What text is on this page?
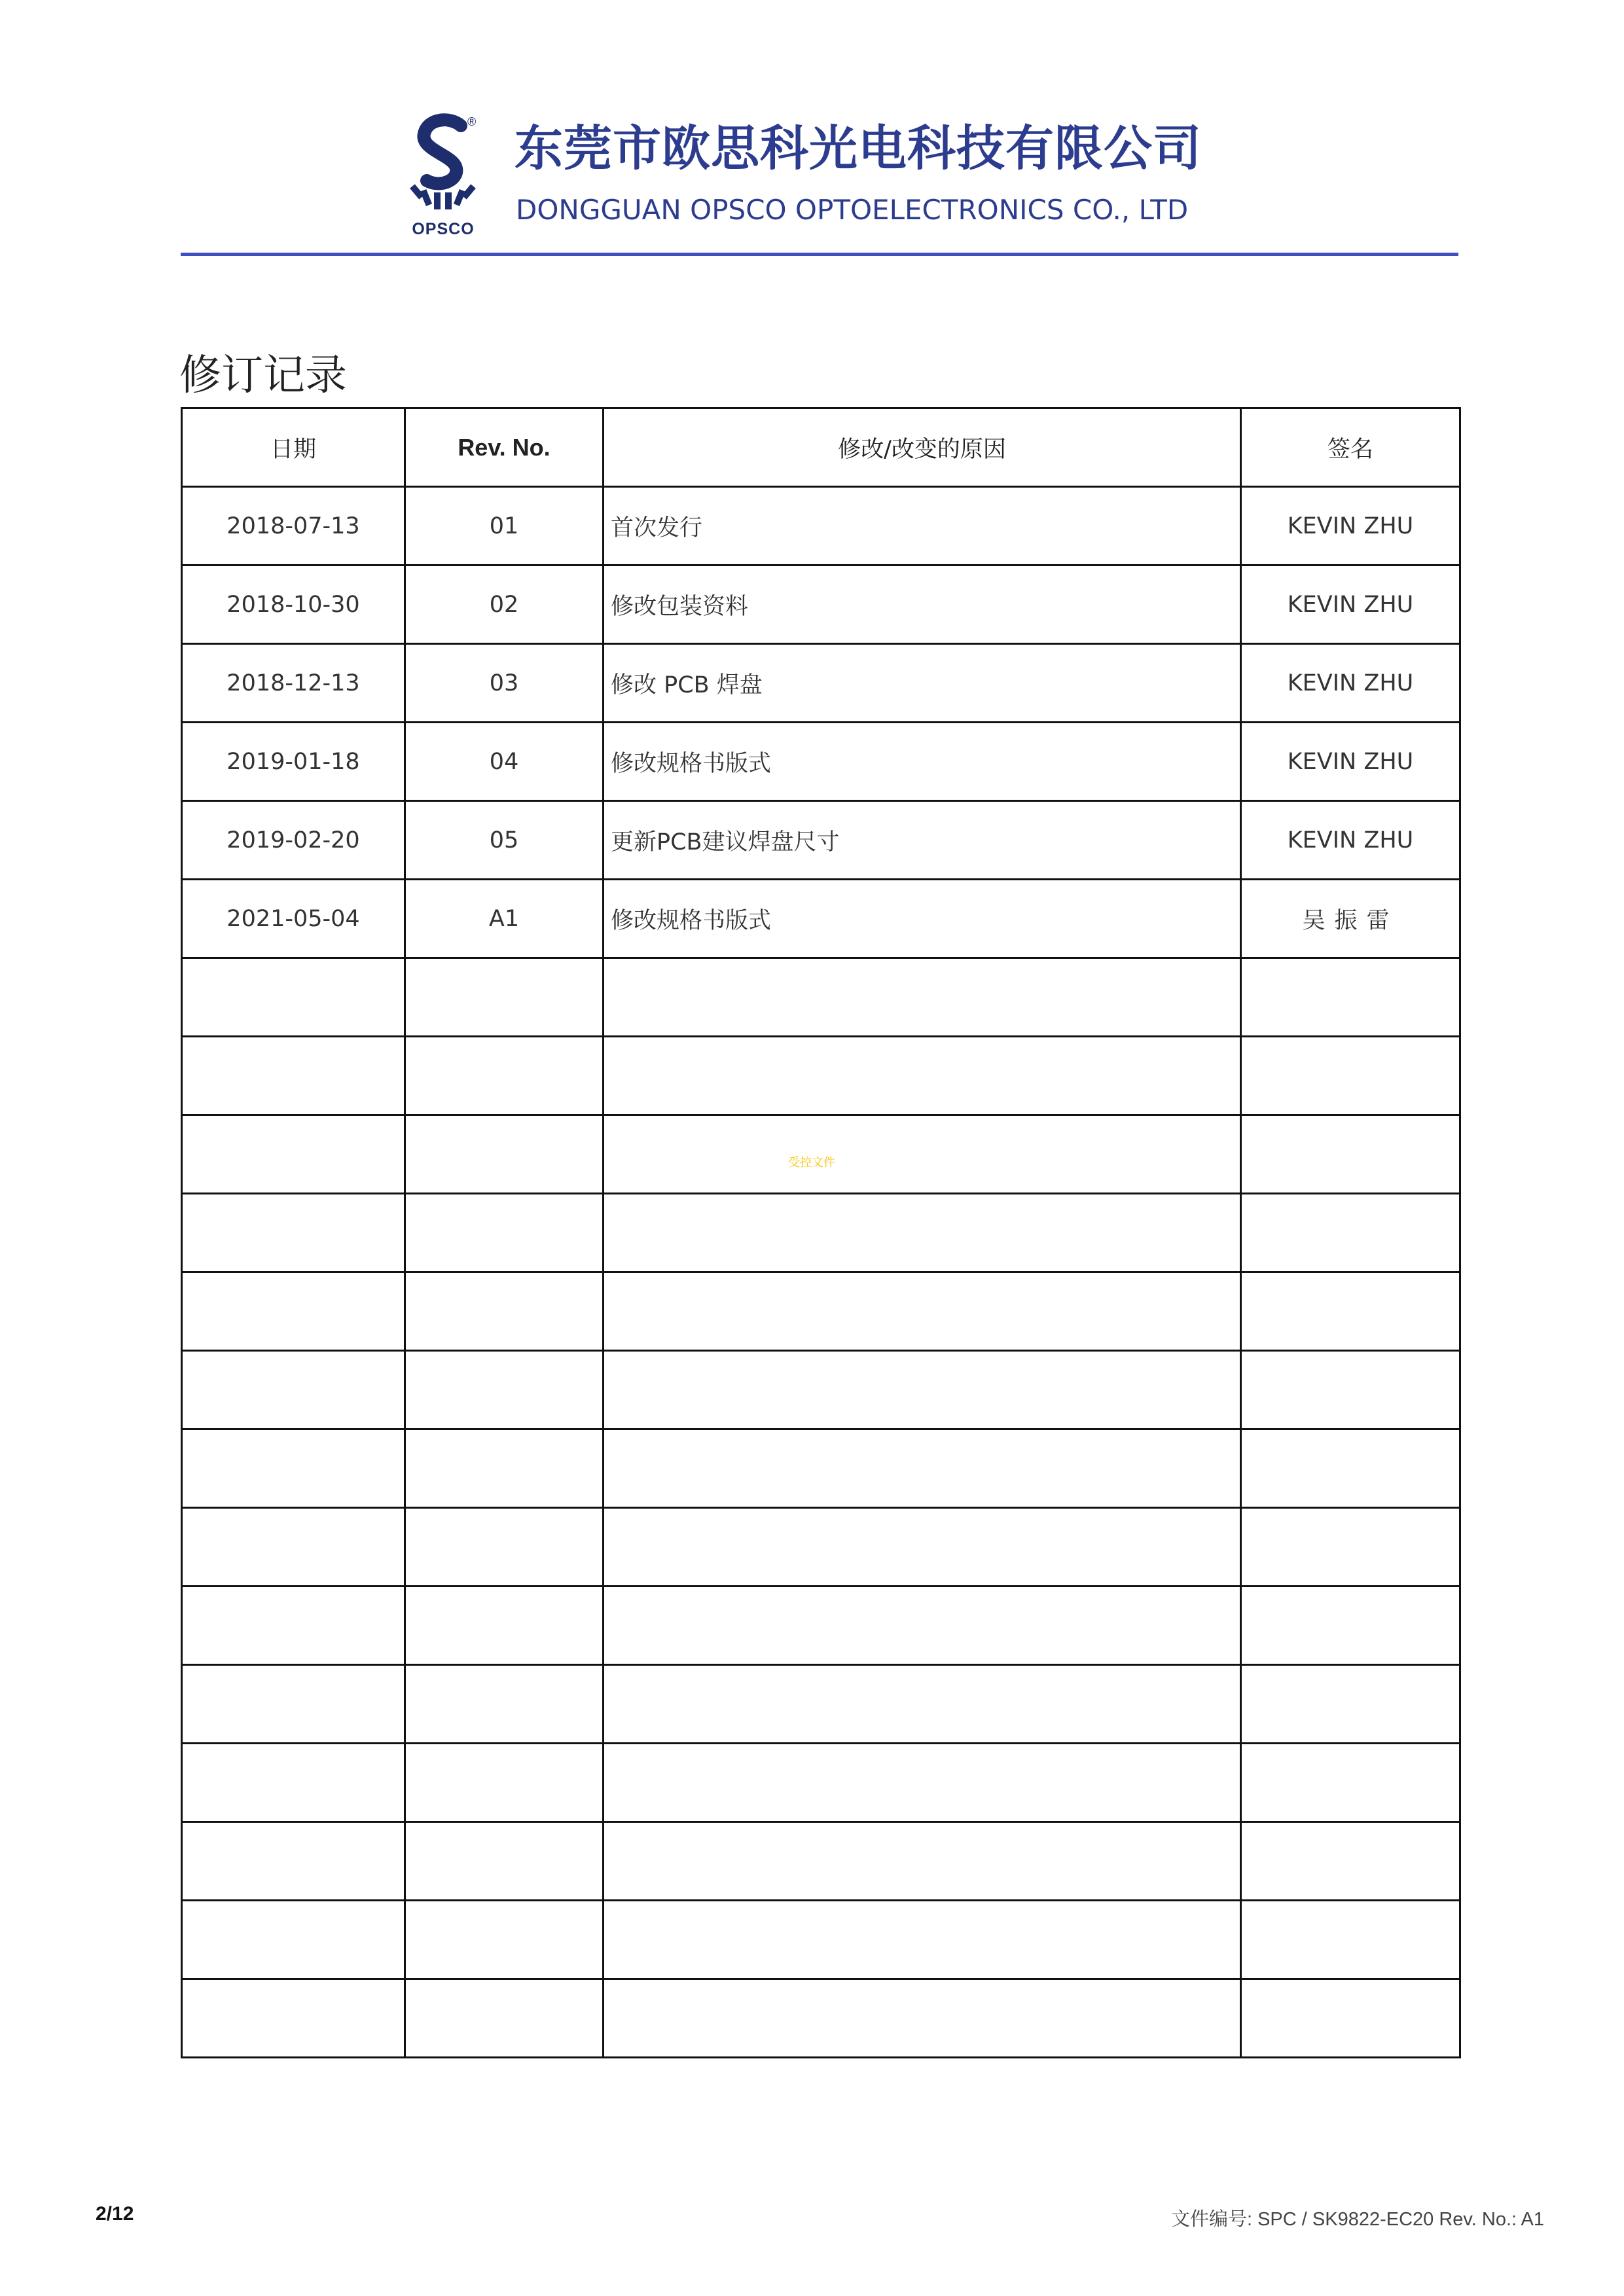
®
OPSCO
东莞市欧思科光电科技有限公司
DONGGUAN OPSCO OPTOELECTRONICS CO., LTD
修订记录
日期	Rev. No.	修改/改变的原因	签名
2018-07-13	01	首次发行	KEVIN ZHU
2018-10-30	02	修改包装资料	KEVIN ZHU
2018-12-13	03	修改 PCB 焊盘	KEVIN ZHU
2019-01-18	04	修改规格书版式	KEVIN ZHU
2019-02-20	05	更新PCB建议焊盘尺寸	KEVIN ZHU
2021-05-04	A1	修改规格书版式	吴振雷

受控文件
2/12	文件编号: SPC / SK9822-EC20 Rev. No.: A1
